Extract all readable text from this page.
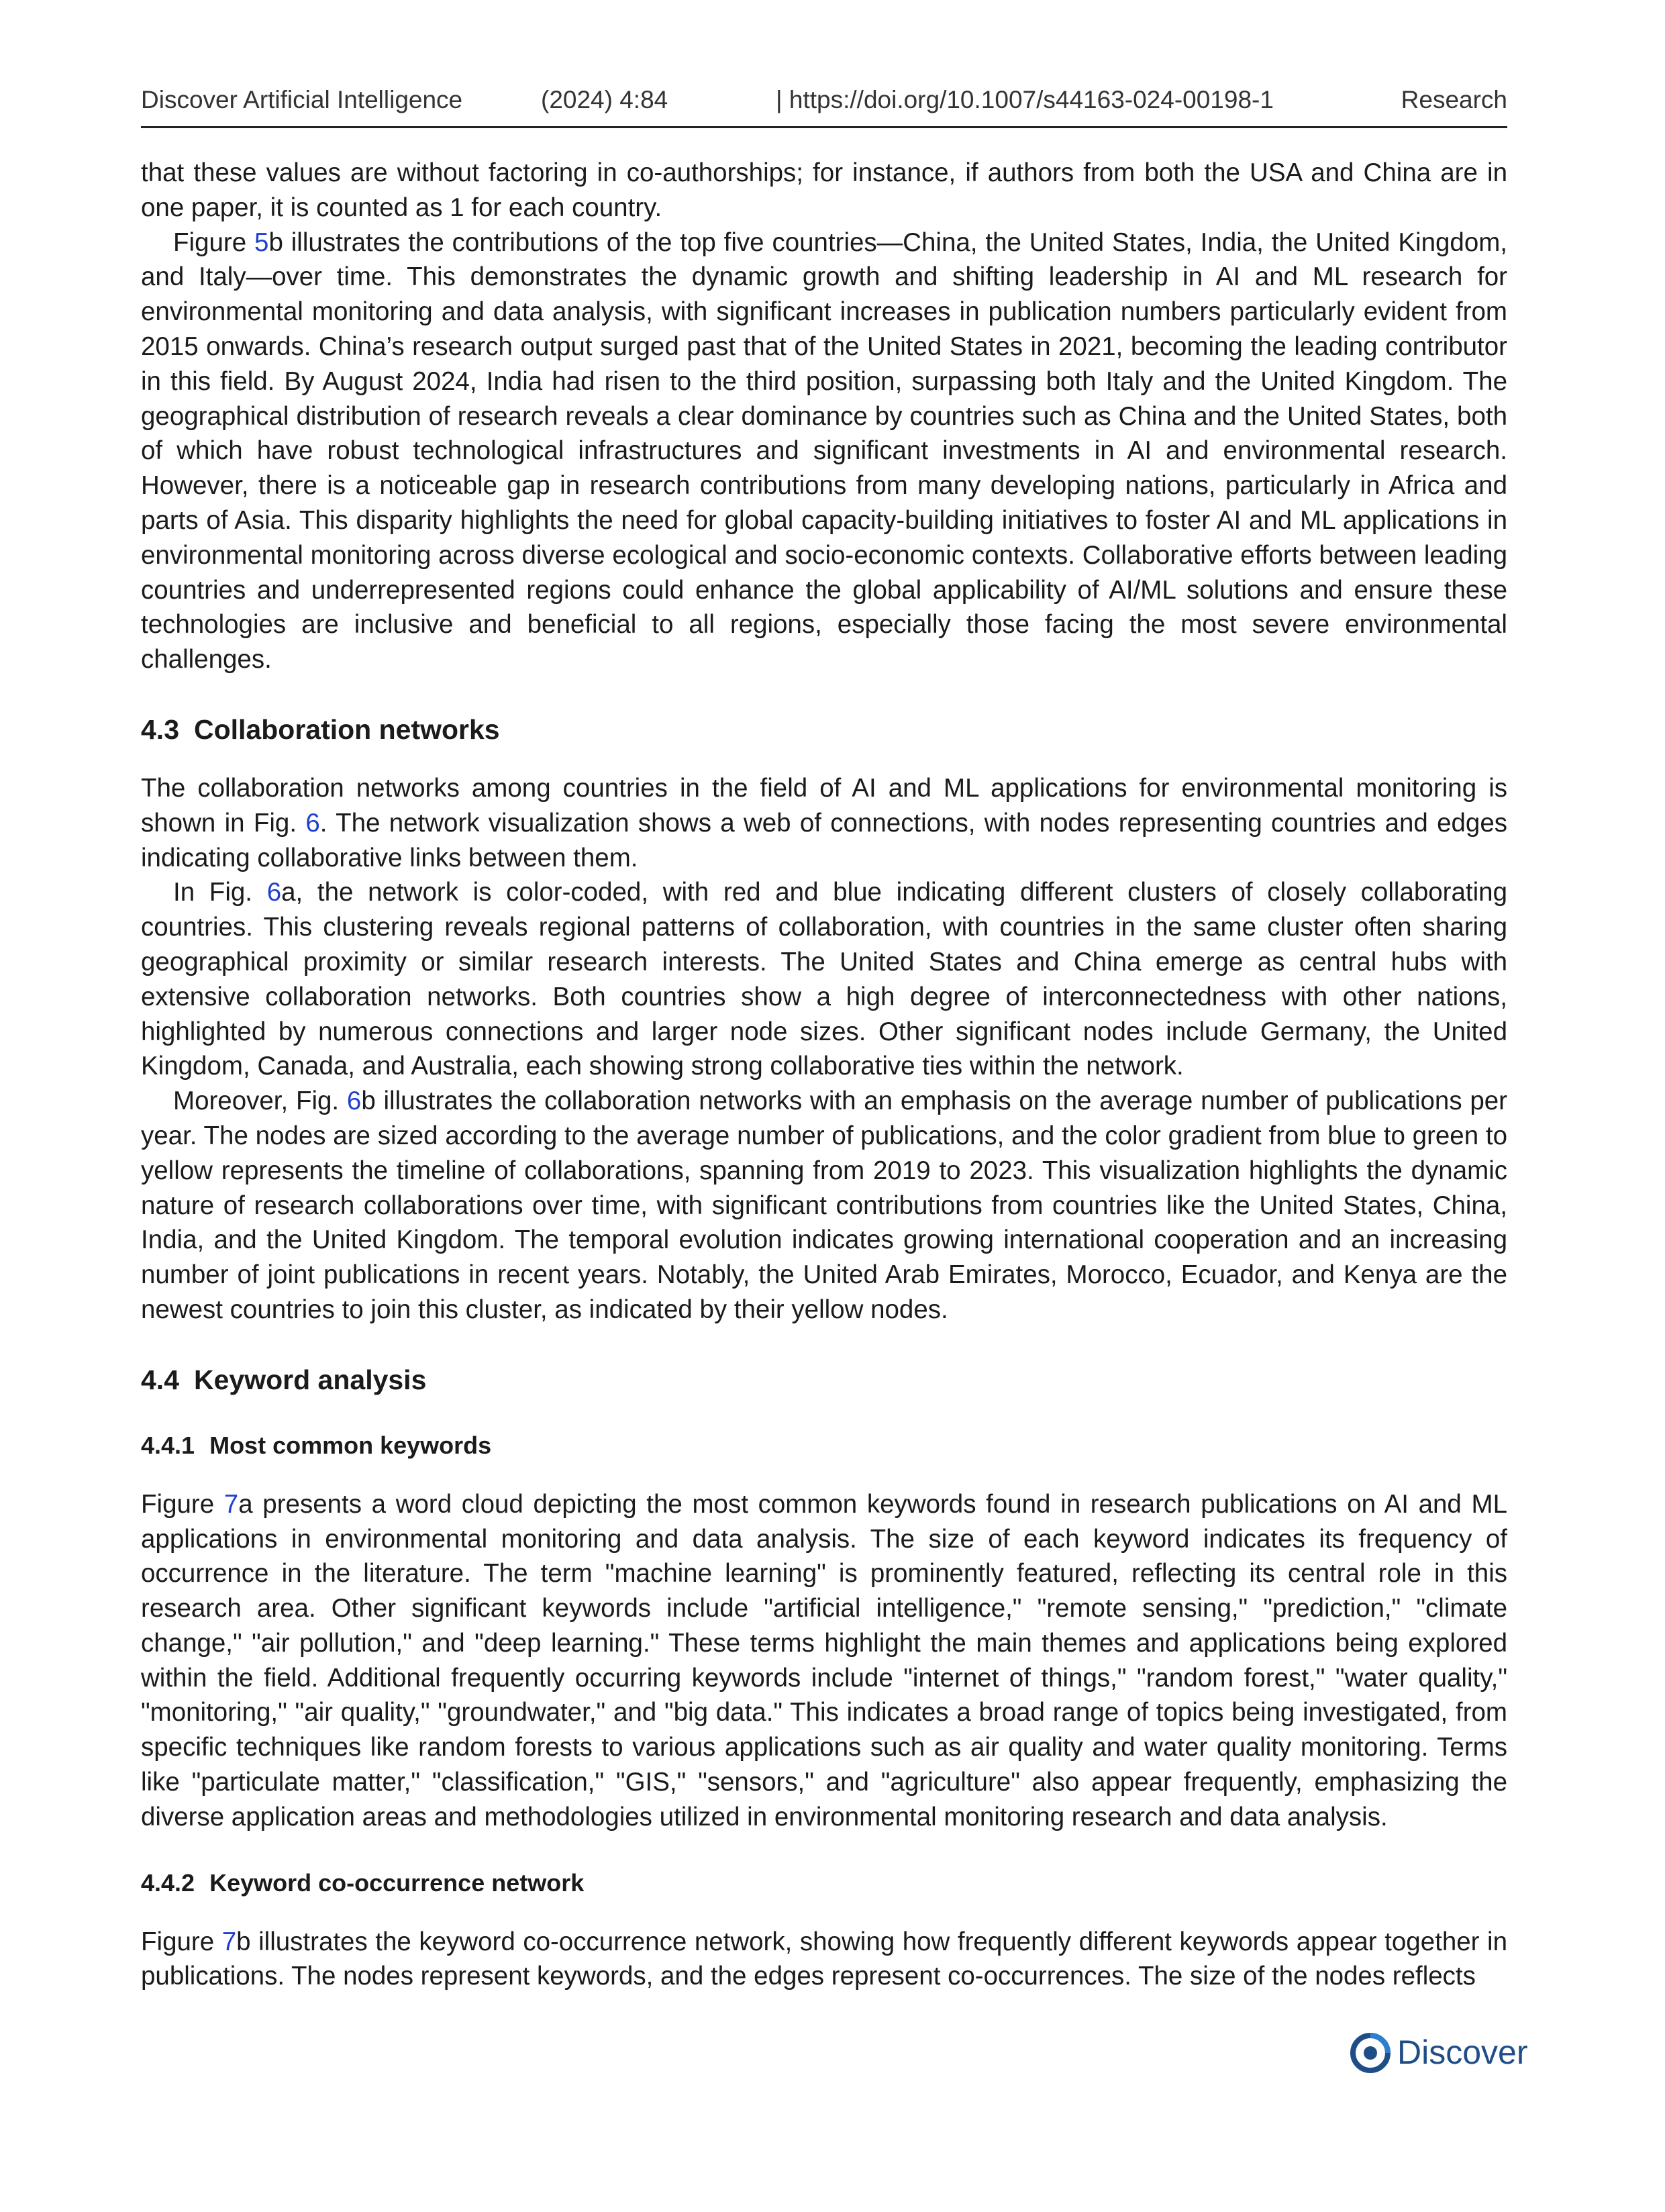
Discover Artificial Intelligence	(2024) 4:84	| https://doi.org/10.1007/s44163-024-00198-1	Research

that these values are without factoring in co-authorships; for instance, if authors from both the USA and China are in one paper, it is counted as 1 for each country.

Figure 5b illustrates the contributions of the top five countries—China, the United States, India, the United Kingdom, and Italy—over time. This demonstrates the dynamic growth and shifting leadership in AI and ML research for environmental monitoring and data analysis, with significant increases in publication numbers particularly evident from 2015 onwards. China’s research output surged past that of the United States in 2021, becoming the leading contributor in this field. By August 2024, India had risen to the third position, surpassing both Italy and the United Kingdom. The geographical distribution of research reveals a clear dominance by countries such as China and the United States, both of which have robust technological infrastructures and significant investments in AI and environmental research. However, there is a noticeable gap in research contributions from many developing nations, particularly in Africa and parts of Asia. This disparity highlights the need for global capacity-building initiatives to foster AI and ML applications in environmental monitoring across diverse ecological and socio-economic contexts. Collaborative efforts between leading countries and underrepresented regions could enhance the global applicability of AI/ML solutions and ensure these technologies are inclusive and beneficial to all regions, especially those facing the most severe environmental challenges.

4.3 Collaboration networks

The collaboration networks among countries in the field of AI and ML applications for environmental monitoring is shown in Fig. 6. The network visualization shows a web of connections, with nodes representing countries and edges indicating collaborative links between them.

In Fig. 6a, the network is color-coded, with red and blue indicating different clusters of closely collaborating countries. This clustering reveals regional patterns of collaboration, with countries in the same cluster often sharing geographical proximity or similar research interests. The United States and China emerge as central hubs with extensive collaboration networks. Both countries show a high degree of interconnectedness with other nations, highlighted by numerous connections and larger node sizes. Other significant nodes include Germany, the United Kingdom, Canada, and Australia, each showing strong collaborative ties within the network.

Moreover, Fig. 6b illustrates the collaboration networks with an emphasis on the average number of publications per year. The nodes are sized according to the average number of publications, and the color gradient from blue to green to yellow represents the timeline of collaborations, spanning from 2019 to 2023. This visualization highlights the dynamic nature of research collaborations over time, with significant contributions from countries like the United States, China, India, and the United Kingdom. The temporal evolution indicates growing international cooperation and an increasing number of joint publications in recent years. Notably, the United Arab Emirates, Morocco, Ecuador, and Kenya are the newest countries to join this cluster, as indicated by their yellow nodes.

4.4 Keyword analysis
4.4.1 Most common keywords

Figure 7a presents a word cloud depicting the most common keywords found in research publications on AI and ML applications in environmental monitoring and data analysis. The size of each keyword indicates its frequency of occurrence in the literature. The term "machine learning" is prominently featured, reflecting its central role in this research area. Other significant keywords include "artificial intelligence," "remote sensing," "prediction," "climate change," "air pollution," and "deep learning." These terms highlight the main themes and applications being explored within the field. Additional frequently occurring keywords include "internet of things," "random forest," "water quality," "monitoring," "air quality," "groundwater," and "big data." This indicates a broad range of topics being investigated, from specific techniques like random forests to various applications such as air quality and water quality monitoring. Terms like "particulate matter," "classification," "GIS," "sensors," and "agriculture" also appear frequently, emphasizing the diverse application areas and methodologies utilized in environmental monitoring research and data analysis.

4.4.2 Keyword co-occurrence network

Figure 7b illustrates the keyword co-occurrence network, showing how frequently different keywords appear together in publications. The nodes represent keywords, and the edges represent co-occurrences. The size of the nodes reflects

Discover
